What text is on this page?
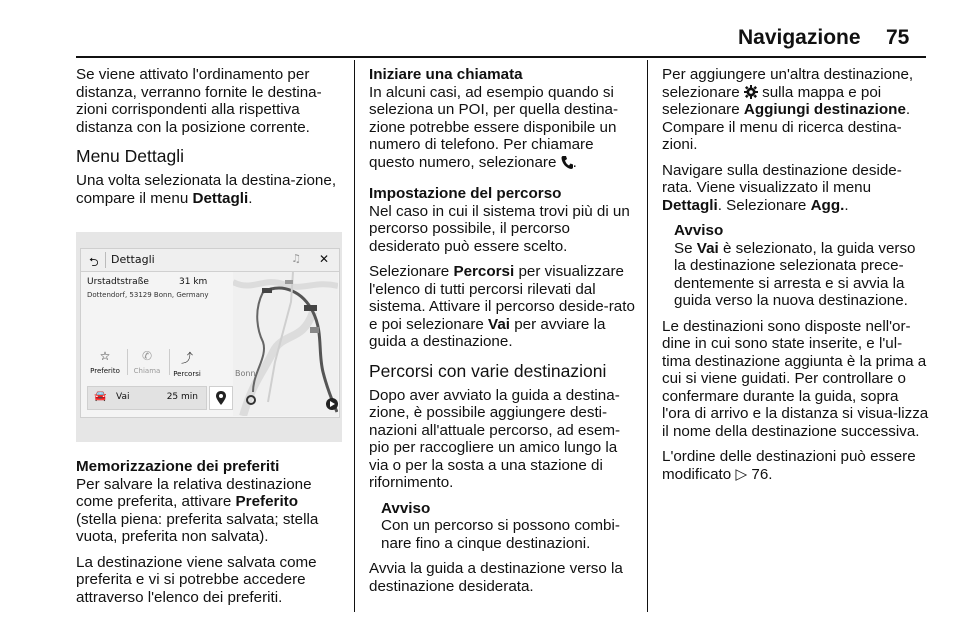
Navigazione 75

Se viene attivato l'ordinamento per distanza, verranno fornite le destina-zioni corrispondenti alla rispettiva distanza con la posizione corrente.

Menu Dettagli

Una volta selezionata la destina-zione, compare il menu Dettagli.

⮌ Dettagli	♫ ✕
Urstadtstraße	31 km
Dottendorf, 53129 Bonn, Germany
☆
Preferito
✆
Chiama
⤴
Percorsi
🚘 Vai	25 min
Bonn

Memorizzazione dei preferiti

Per salvare la relativa destinazione come preferita, attivare Preferito (stella piena: preferita salvata; stella vuota, preferita non salvata).

La destinazione viene salvata come preferita e vi si potrebbe accedere attraverso l'elenco dei preferiti.

Iniziare una chiamata

In alcuni casi, ad esempio quando si seleziona un POI, per quella destina-zione potrebbe essere disponibile un numero di telefono. Per chiamare questo numero, selezionare .

Impostazione del percorso

Nel caso in cui il sistema trovi più di un percorso possibile, il percorso desiderato può essere scelto.

Selezionare Percorsi per visualizzare l'elenco di tutti percorsi rilevati dal sistema. Attivare il percorso deside-rato e poi selezionare Vai per avviare la guida a destinazione.

Percorsi con varie destinazioni

Dopo aver avviato la guida a destina-zione, è possibile aggiungere desti-nazioni all'attuale percorso, ad esem-pio per raccogliere un amico lungo la via o per la sosta a una stazione di rifornimento.

Avviso
Con un percorso si possono combi-nare fino a cinque destinazioni.

Avvia la guida a destinazione verso la destinazione desiderata.

Per aggiungere un'altra destinazione, selezionare  sulla mappa e poi selezionare Aggiungi destinazione. Compare il menu di ricerca destina-zioni.

Navigare sulla destinazione deside-rata. Viene visualizzato il menu Dettagli. Selezionare Agg..

Avviso
Se Vai è selezionato, la guida verso la destinazione selezionata prece-dentemente si arresta e si avvia la guida verso la nuova destinazione.

Le destinazioni sono disposte nell'or-dine in cui sono state inserite, e l'ul-tima destinazione aggiunta è la prima a cui si viene guidati. Per controllare o confermare durante la guida, sopra l'ora di arrivo e la distanza si visua-lizza il nome della destinazione successiva.

L'ordine delle destinazioni può essere modificato ▷ 76.
